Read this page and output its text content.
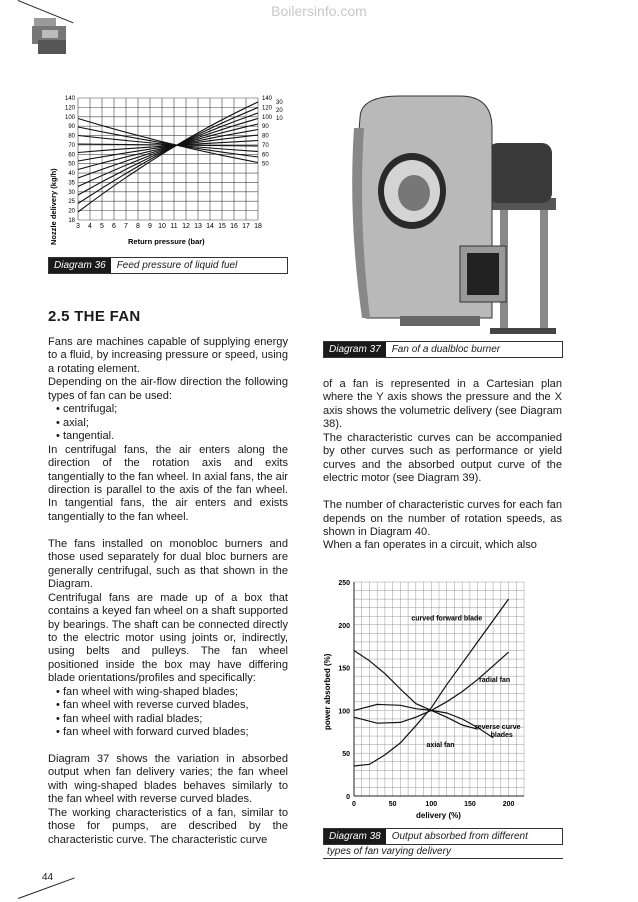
Boilersinfo.com
Nozzle delivery (kg/h)	Return pressure (bar)
140
120
100
90
80
70
60
50
40
35
30
25
20
18
140
120
100
90
80
70
60
50
30
20
10
3 4 5 6 7 8 9 10 11 12 13 14 15 16 17 18
Diagram 36	Feed pressure of liquid fuel
Diagram 37	Fan of a dualbloc burner
2.5 THE FAN

Fans are machines capable of supplying energy to a fluid, by increasing pressure or speed, using a rotating element.

Depending on the air-flow direction the following types of fan can be used:

• centrifugal;
• axial;
• tangential.

In centrifugal fans, the air enters along the direction of the rotation axis and exits tangentially to the fan wheel. In axial fans, the air direction is parallel to the axis of the fan wheel. In tangential fans, the air enters and exists tangentially to the fan wheel.

The fans installed on monobloc burners and those used separately for dual bloc burners are generally centrifugal, such as that shown in the Diagram.

Centrifugal fans are made up of a box that contains a keyed fan wheel on a shaft supported by bearings. The shaft can be connected directly to the electric motor using joints or, indirectly, using belts and pulleys. The fan wheel positioned inside the box may have differing blade orientations/profiles and specifically:

• fan wheel with wing-shaped blades;
• fan wheel with reverse curved blades,
• fan wheel with radial blades;
• fan wheel with forward curved blades;

Diagram 37 shows the variation in absorbed output when fan delivery varies; the fan wheel with wing-shaped blades behaves similarly to the fan wheel with reverse curved blades.

The working characteristics of a fan, similar to those for pumps, are described by the characteristic curve. The characteristic curve

of a fan is represented in a Cartesian plan where the Y axis shows the pressure and the X axis shows the volumetric delivery (see Diagram 38).

The characteristic curves can be accompanied by other curves such as performance or yield curves and the absorbed output curve of the electric motor (see Diagram 39).

The number of characteristic curves for each fan depends on the number of rotation speeds, as shown in Diagram 40.

When a fan operates in a circuit, which also

power absorbed (%)
delivery (%)
0	50	100	150	200
0
50
100
150
200
250
curved forward blade
radial fan
reverse curve
blades
axial fan
Diagram 38	Output absorbed from different
types of fan varying delivery
44
